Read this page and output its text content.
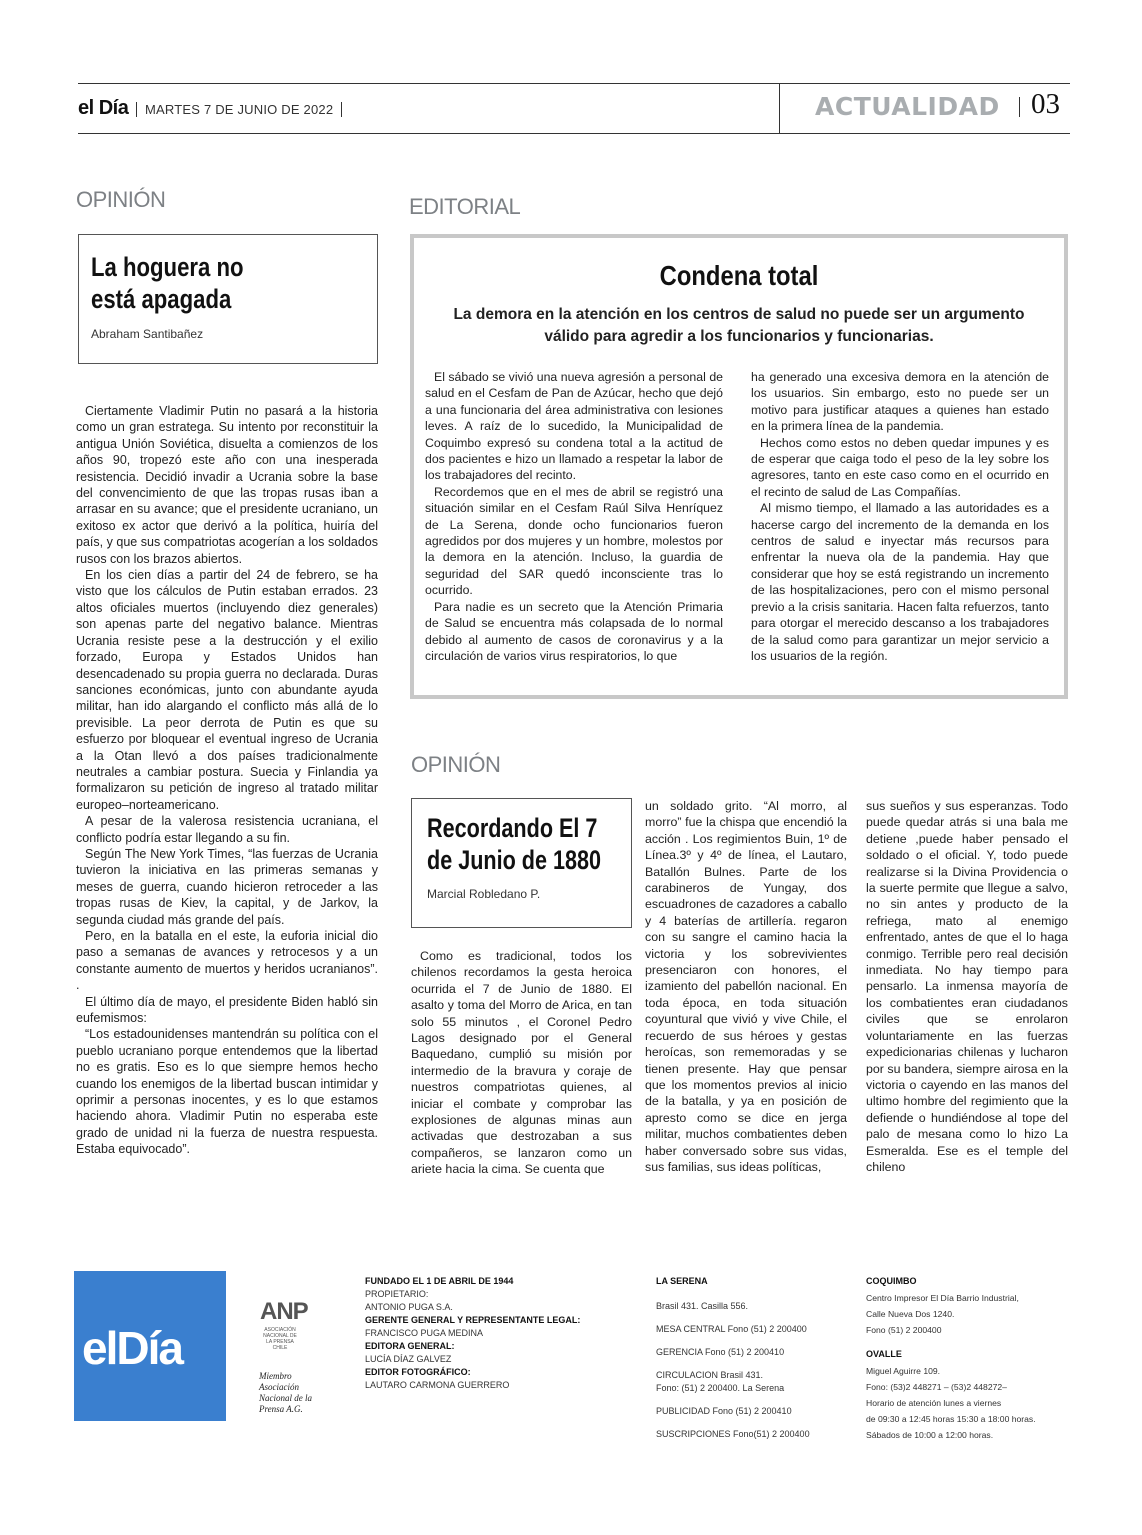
el Día	MARTES 7 DE JUNIO DE 2022	ACTUALIDAD 03
OPINIÓN
La hoguera no
está apagada
Abraham Santibañez

Ciertamente Vladimir Putin no pasará a la historia como un gran estratega. Su intento por reconstituir la antigua Unión Soviética, disuelta a comienzos de los años 90, tropezó este año con una inesperada resistencia. Decidió invadir a Ucrania sobre la base del convencimiento de que las tropas rusas iban a arrasar en su avance; que el presidente ucraniano, un exitoso ex actor que derivó a la política, huiría del país, y que sus compatriotas acogerían a los soldados rusos con los brazos abiertos.

En los cien días a partir del 24 de febrero, se ha visto que los cálculos de Putin estaban errados. 23 altos oficiales muertos (incluyendo diez generales) son apenas parte del negativo balance. Mientras Ucrania resiste pese a la destrucción y el exilio forzado, Europa y Estados Unidos han desencadenado su propia guerra no declarada. Duras sanciones económicas, junto con abundante ayuda militar, han ido alargando el conflicto más allá de lo previsible. La peor derrota de Putin es que su esfuerzo por bloquear el eventual ingreso de Ucrania a la Otan llevó a dos países tradicionalmente neutrales a cambiar postura. Suecia y Finlandia ya formalizaron su petición de ingreso al tratado militar europeo–norteamericano.

A pesar de la valerosa resistencia ucraniana, el conflicto podría estar llegando a su fin.

Según The New York Times, “las fuerzas de Ucrania tuvieron la iniciativa en las primeras semanas y meses de guerra, cuando hicieron retroceder a las tropas rusas de Kiev, la capital, y de Jarkov, la segunda ciudad más grande del país.

Pero, en la batalla en el este, la euforia inicial dio paso a semanas de avances y retrocesos y a un constante aumento de muertos y heridos ucranianos”. .

El último día de mayo, el presidente Biden habló sin eufemismos:

“Los estadounidenses mantendrán su política con el pueblo ucraniano porque entendemos que la libertad no es gratis. Eso es lo que siempre hemos hecho cuando los enemigos de la libertad buscan intimidar y oprimir a personas inocentes, y es lo que estamos haciendo ahora. Vladimir Putin no esperaba este grado de unidad ni la fuerza de nuestra respuesta. Estaba equivocado”.

EDITORIAL
Condena total
La demora en la atención en los centros de salud no puede ser un argumento válido para agredir a los funcionarios y funcionarias.

El sábado se vivió una nueva agresión a personal de salud en el Cesfam de Pan de Azúcar, hecho que dejó a una funcionaria del área administrativa con lesiones leves. A raíz de lo sucedido, la Municipalidad de Coquimbo expresó su condena total a la actitud de dos pacientes e hizo un llamado a respetar la labor de los trabajadores del recinto.

Recordemos que en el mes de abril se registró una situación similar en el Cesfam Raúl Silva Henríquez de La Serena, donde ocho funcionarios fueron agredidos por dos mujeres y un hombre, molestos por la demora en la atención. Incluso, la guardia de seguridad del SAR quedó inconsciente tras lo ocurrido.

Para nadie es un secreto que la Atención Primaria de Salud se encuentra más colapsada de lo normal debido al aumento de casos de coronavirus y a la circulación de varios virus respiratorios, lo que

ha generado una excesiva demora en la atención de los usuarios. Sin embargo, esto no puede ser un motivo para justificar ataques a quienes han estado en la primera línea de la pandemia.

Hechos como estos no deben quedar impunes y es de esperar que caiga todo el peso de la ley sobre los agresores, tanto en este caso como en el ocurrido en el recinto de salud de Las Compañías.

Al mismo tiempo, el llamado a las autoridades es a hacerse cargo del incremento de la demanda en los centros de salud e inyectar más recursos para enfrentar la nueva ola de la pandemia. Hay que considerar que hoy se está registrando un incremento de las hospitalizaciones, pero con el mismo personal previo a la crisis sanitaria. Hacen falta refuerzos, tanto para otorgar el merecido descanso a los trabajadores de la salud como para garantizar un mejor servicio a los usuarios de la región.

OPINIÓN
Recordando El 7
de Junio de 1880
Marcial Robledano P.

Como es tradicional, todos los chilenos recordamos la gesta heroica ocurrida el 7 de Junio de 1880. El asalto y toma del Morro de Arica, en tan solo 55 minutos , el Coronel Pedro Lagos designado por el General Baquedano, cumplió su misión por intermedio de la bravura y coraje de nuestros compatriotas quienes, al iniciar el combate y comprobar las explosiones de algunas minas aun activadas que destrozaban a sus compañeros, se lanzaron como un ariete hacia la cima. Se cuenta que

un soldado grito. “Al morro, al morro” fue la chispa que encendió la acción . Los regimientos Buin, 1º de Línea.3º y 4º de línea, el Lautaro, Batallón Bulnes. Parte de los carabineros de Yungay, dos escuadrones de cazadores a caballo y 4 baterías de artillería. regaron con su sangre el camino hacia la victoria y los sobrevivientes presenciaron con honores, el izamiento del pabellón nacional. En toda época, en toda situación coyuntural que vivió y vive Chile, el recuerdo de sus héroes y gestas heroícas, son rememoradas y se tienen presente. Hay que pensar que los momentos previos al inicio de la batalla, y ya en posición de apresto como se dice en jerga militar, muchos combatientes deben haber conversado sobre sus vidas, sus familias, sus ideas políticas,

sus sueños y sus esperanzas. Todo puede quedar atrás si una bala me detiene ,puede haber pensado el soldado o el oficial. Y, todo puede realizarse si la Divina Providencia o la suerte permite que llegue a salvo, no sin antes y producto de la refriega, mato al enemigo enfrentado, antes de que el lo haga conmigo. Terrible pero real decisión inmediata. No hay tiempo para pensarlo. La inmensa mayoría de los combatientes eran ciudadanos civiles que se enrolaron voluntariamente en las fuerzas expedicionarias chilenas y lucharon por su bandera, siempre airosa en la victoria o cayendo en las manos del ultimo hombre del regimiento que la defiende o hundiéndose al tope del palo de mesana como lo hizo La Esmeralda. Ese es el temple del chileno

elDía
ANP
ASOCIACIÓN NACIONAL DE LA PRENSA CHILE
Miembro Asociación Nacional de la Prensa A.G.
FUNDADO EL 1 DE ABRIL DE 1944
PROPIETARIO:
ANTONIO PUGA S.A.
GERENTE GENERAL Y REPRESENTANTE LEGAL:
FRANCISCO PUGA MEDINA
EDITORA GENERAL:
LUCÍA DÍAZ GALVEZ
EDITOR FOTOGRÁFICO:
LAUTARO CARMONA GUERRERO
LA SERENA
Brasil 431. Casilla 556.
MESA CENTRAL Fono (51) 2 200400
GERENCIA Fono (51) 2 200410
CIRCULACION Brasil 431.
Fono: (51) 2 200400. La Serena
PUBLICIDAD Fono (51) 2 200410
SUSCRIPCIONES Fono(51) 2 200400
COQUIMBO
Centro Impresor El Día Barrio Industrial,
Calle Nueva Dos 1240.
Fono (51) 2 200400
OVALLE
Miguel Aguirre 109.
Fono: (53)2 448271 – (53)2 448272–
Horario de atención lunes a viernes
de 09:30 a 12:45 horas 15:30 a 18:00 horas.
Sábados de 10:00 a 12:00 horas.
